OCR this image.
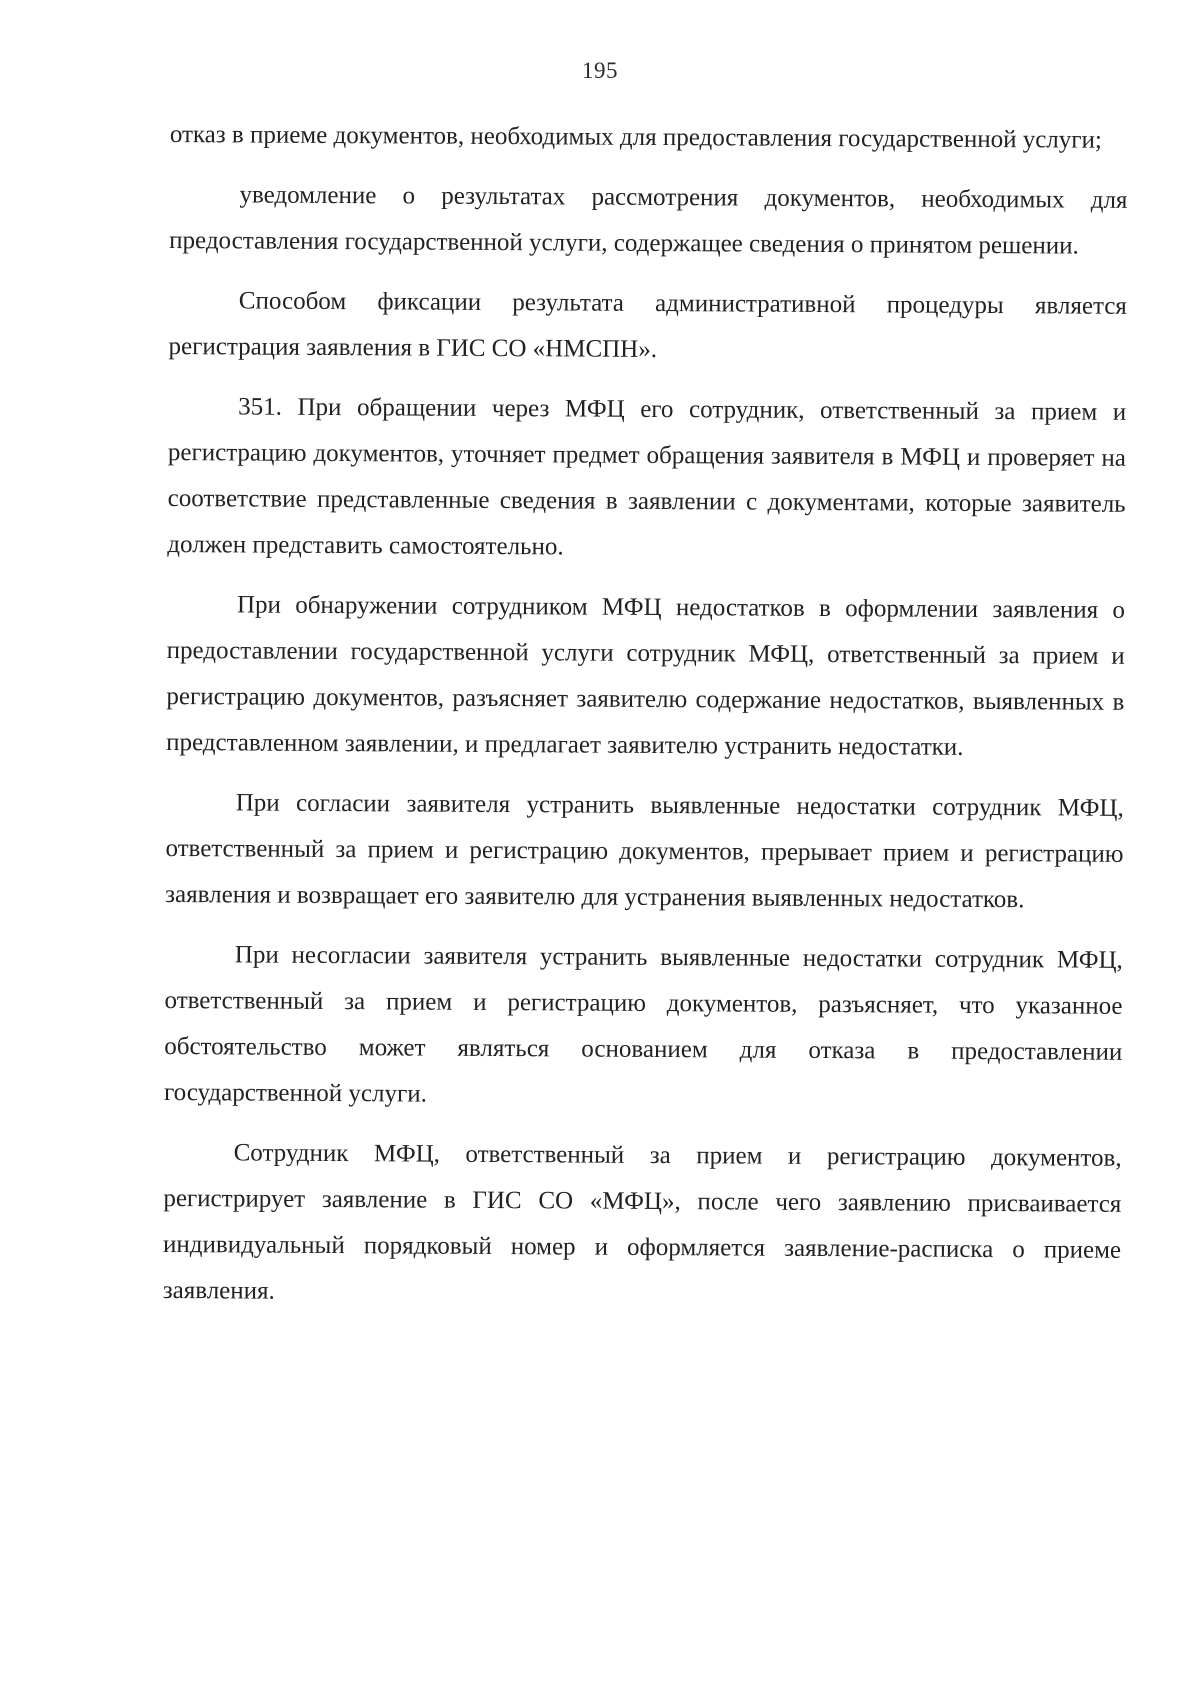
195

отказ в приеме документов, необходимых для предоставления государственной услуги;

уведомление о результатах рассмотрения документов, необходимых для предоставления государственной услуги, содержащее сведения о принятом решении.

Способом фиксации результата административной процедуры является регистрация заявления в ГИС СО «НМСПН».

351. При обращении через МФЦ его сотрудник, ответственный за прием и регистрацию документов, уточняет предмет обращения заявителя в МФЦ и проверяет на соответствие представленные сведения в заявлении с документами, которые заявитель должен представить самостоятельно.

При обнаружении сотрудником МФЦ недостатков в оформлении заявления о предоставлении государственной услуги сотрудник МФЦ, ответственный за прием и регистрацию документов, разъясняет заявителю содержание недостатков, выявленных в представленном заявлении, и предлагает заявителю устранить недостатки.

При согласии заявителя устранить выявленные недостатки сотрудник МФЦ, ответственный за прием и регистрацию документов, прерывает прием и регистрацию заявления и возвращает его заявителю для устранения выявленных недостатков.

При несогласии заявителя устранить выявленные недостатки сотрудник МФЦ, ответственный за прием и регистрацию документов, разъясняет, что указанное обстоятельство может являться основанием для отказа в предоставлении государственной услуги.

Сотрудник МФЦ, ответственный за прием и регистрацию документов, регистрирует заявление в ГИС СО «МФЦ», после чего заявлению присваивается индивидуальный порядковый номер и оформляется заявление-расписка о приеме заявления.
